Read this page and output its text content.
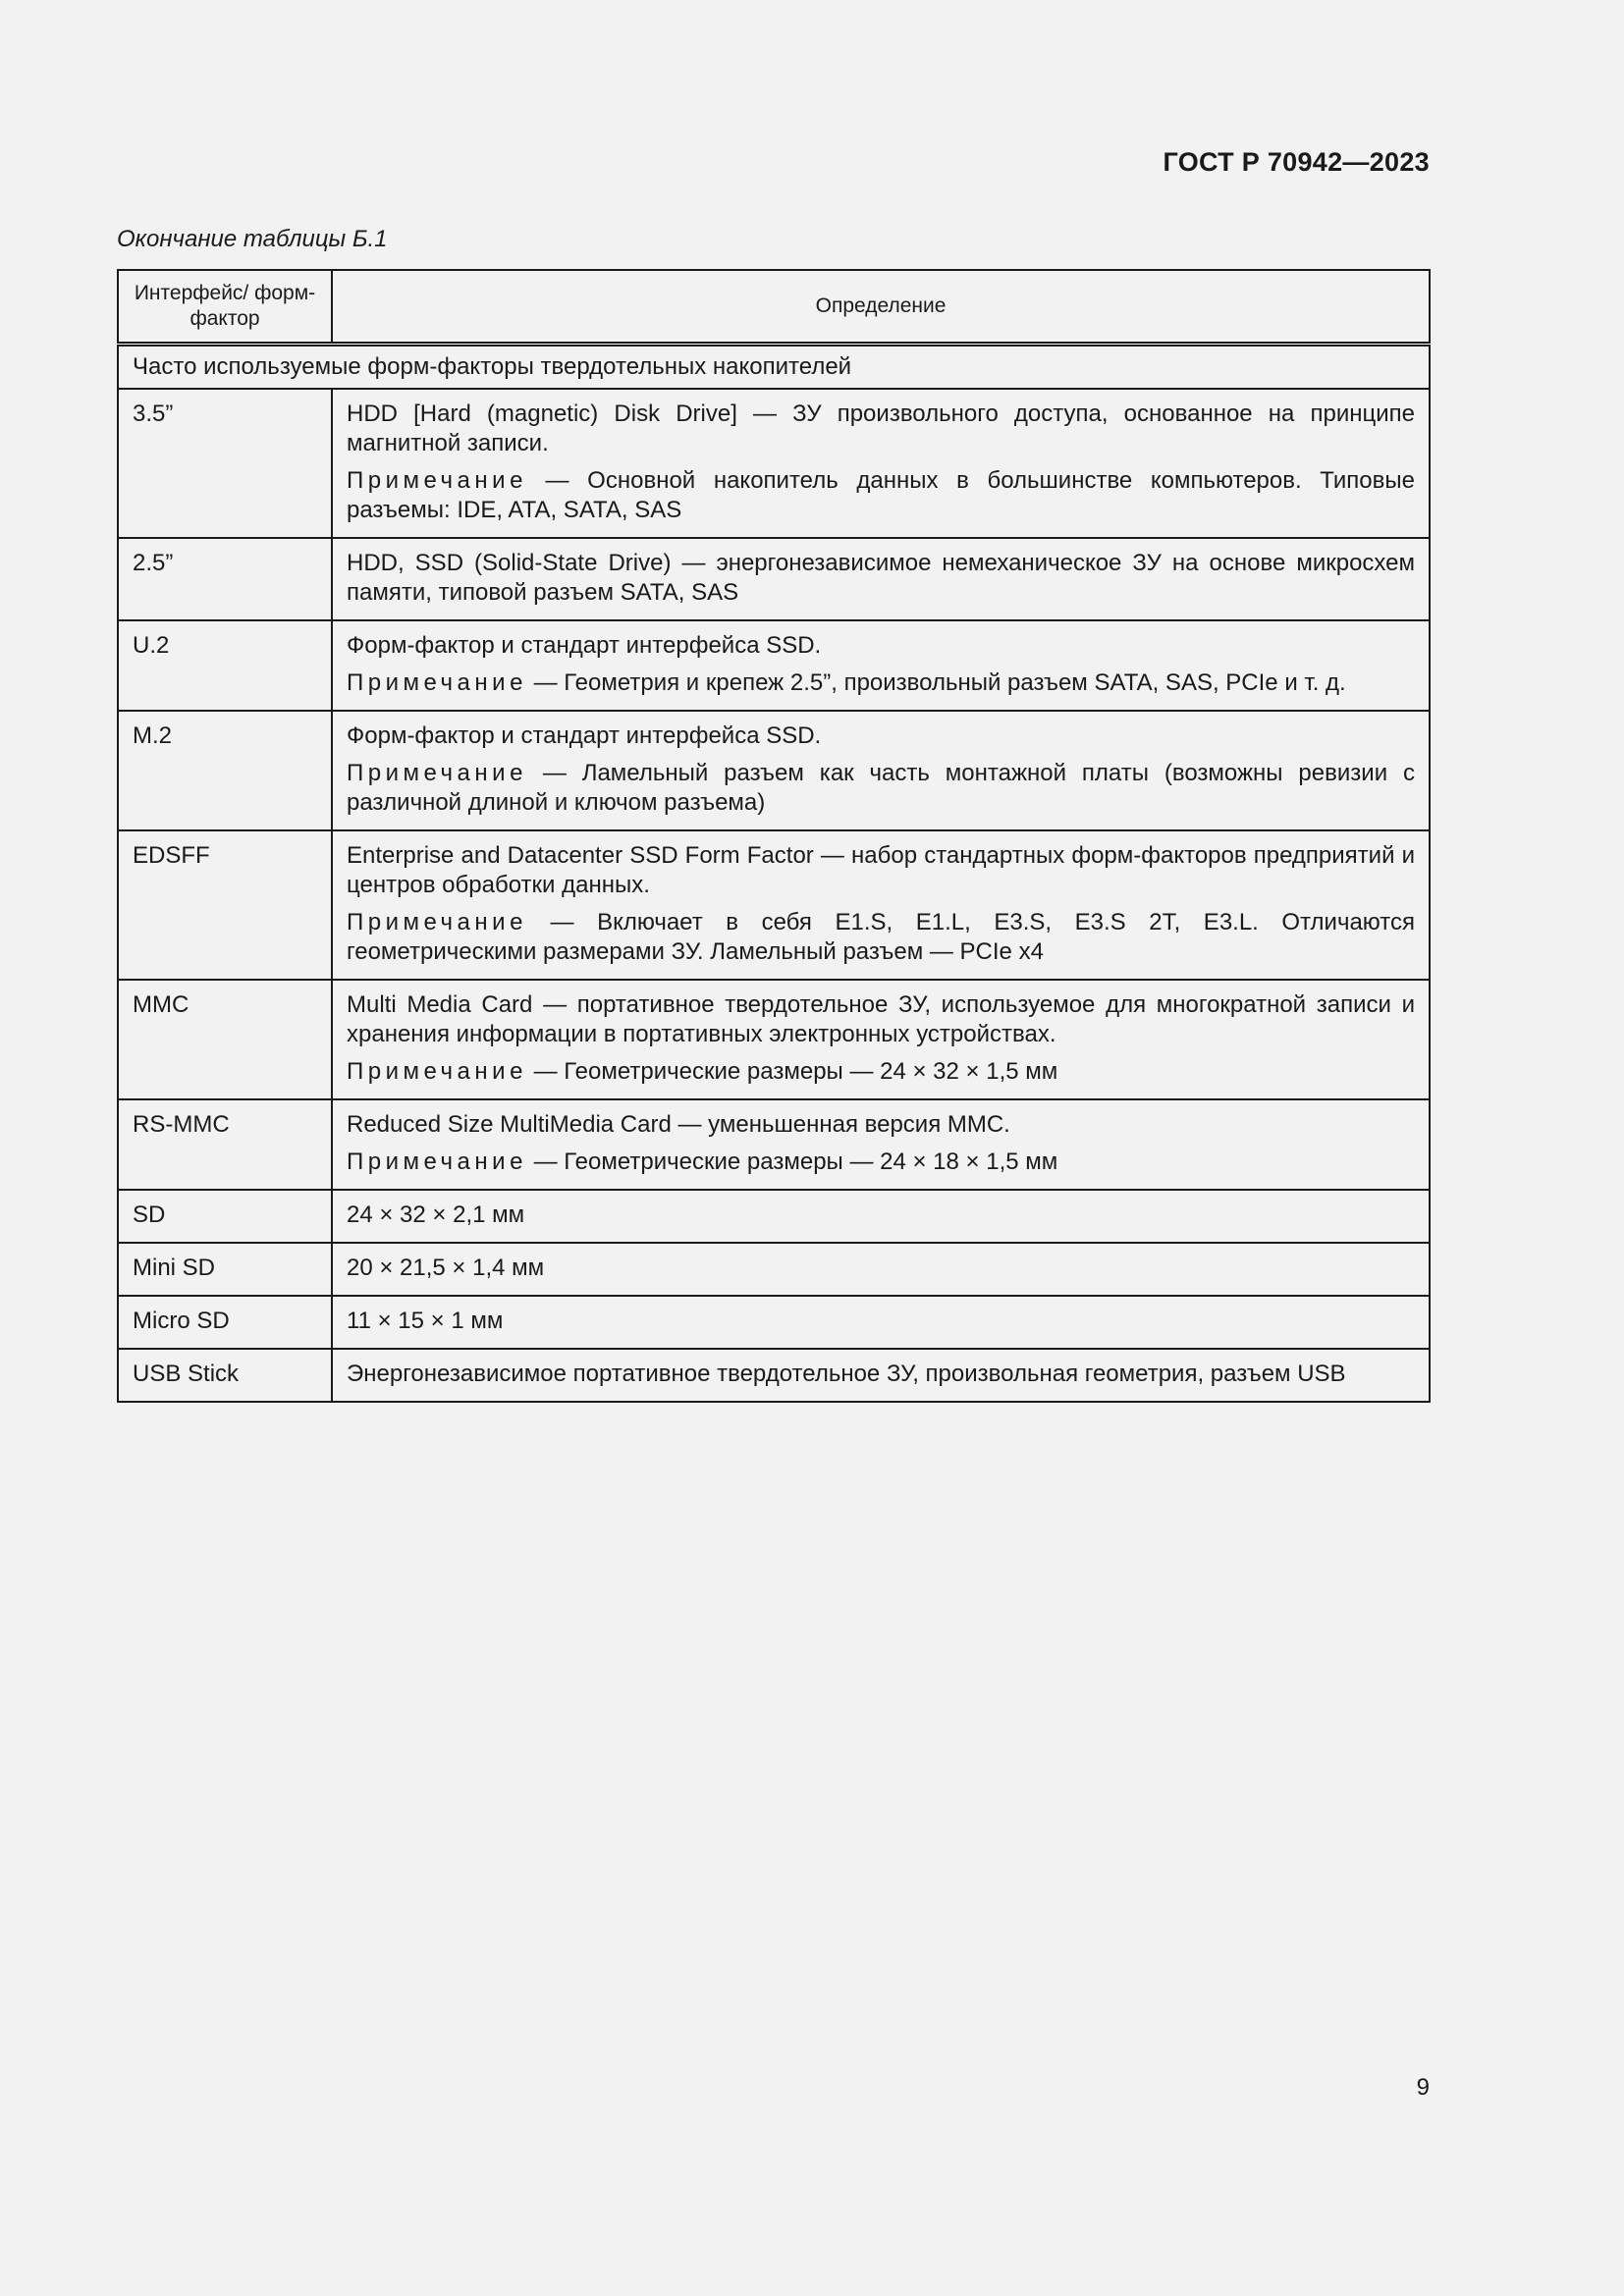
ГОСТ Р 70942—2023
Окончание таблицы Б.1
Интерфейс/ форм-фактор	Определение
Часто используемые форм-факторы твердотельных накопителей	
3.5”	HDD [Hard (magnetic) Disk Drive] — ЗУ произвольного доступа, основанное на принципе магнитной записи.

Примечание — Основной накопитель данных в большинстве компьютеров. Типовые разъемы: IDE, ATA, SATA, SAS

2.5”	HDD, SSD (Solid-State Drive) — энергонезависимое немеханическое ЗУ на основе микросхем памяти, типовой разъем SATA, SAS

U.2	Форм-фактор и стандарт интерфейса SSD.

Примечание — Геометрия и крепеж 2.5”, произвольный разъем SATA, SAS, PCIe и т. д.

M.2	Форм-фактор и стандарт интерфейса SSD.

Примечание — Ламельный разъем как часть монтажной платы (возможны ревизии с различной длиной и ключом разъема)

EDSFF	Enterprise and Datacenter SSD Form Factor — набор стандартных форм-факторов предприятий и центров обработки данных.

Примечание — Включает в себя E1.S, E1.L, E3.S, E3.S 2T, E3.L. Отличаются геометрическими размерами ЗУ. Ламельный разъем — PCIe x4

MMC	Multi Media Card — портативное твердотельное ЗУ, используемое для многократной записи и хранения информации в портативных электронных устройствах.

Примечание — Геометрические размеры — 24 × 32 × 1,5 мм

RS-MMC	Reduced Size MultiMedia Card — уменьшенная версия MMC.

Примечание — Геометрические размеры — 24 × 18 × 1,5 мм

SD	24 × 32 × 2,1 мм

Mini SD	20 × 21,5 × 1,4 мм

Micro SD	11 × 15 × 1 мм

USB Stick	Энергонезависимое портативное твердотельное ЗУ, произвольная геометрия, разъем USB

9
